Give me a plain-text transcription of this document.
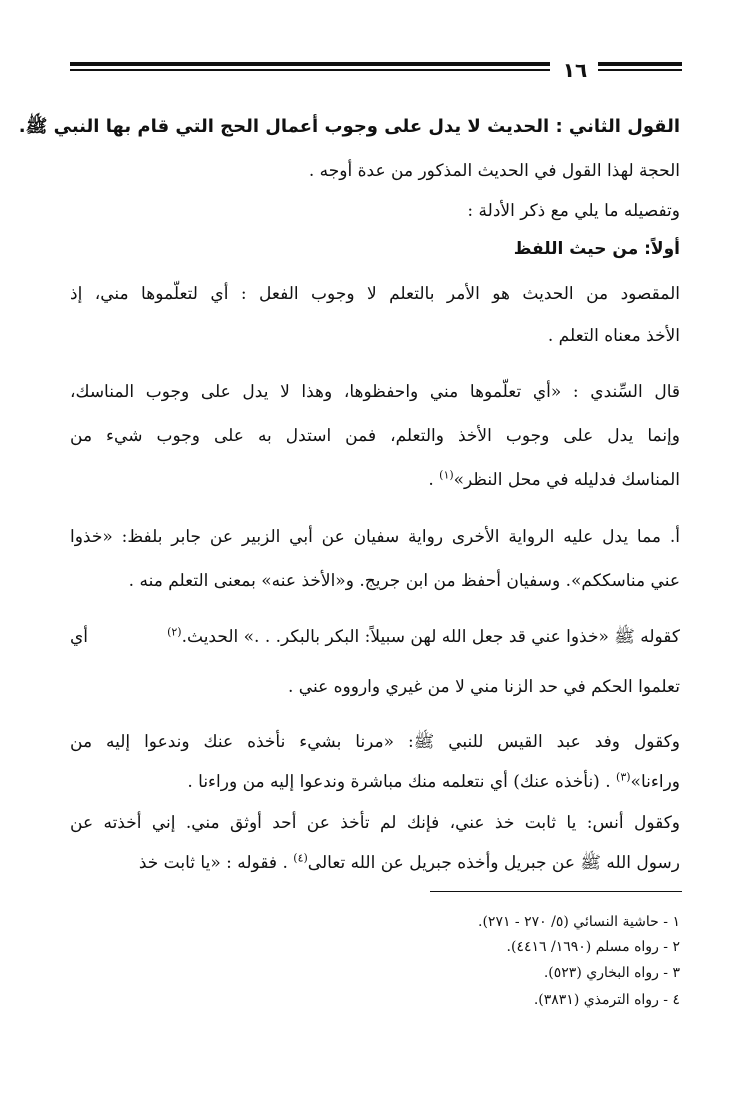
١٦
القول الثاني : الحديث لا يدل على وجوب أعمال الحج التي قام بها النبي ﷺ.
الحجة لهذا القول في الحديث المذكور من عدة أوجه .
وتفصيله ما يلي مع ذكر الأدلة :
أولاً: من حيث اللفظ
المقصود من الحديث هو الأمر بالتعلم لا وجوب الفعل : أي لتعلّموها مني، إذ
الأخذ معناه التعلم .
قال السِّندي : «أي تعلّموها مني واحفظوها، وهذا لا يدل على وجوب المناسك،
وإنما يدل على وجوب الأخذ والتعلم، فمن استدل به على وجوب شيء من
المناسك فدليله في محل النظر»$^{(١)}$ .
أ. مما يدل عليه الرواية الأخرى رواية سفيان عن أبي الزبير عن جابر بلفظ: «خذوا
عني مناسككم». وسفيان أحفظ من ابن جريج. و«الأخذ عنه» بمعنى التعلم منه .
كقوله ﷺ «خذوا عني قد جعل الله لهن سبيلاً: البكر بالبكر. . .» الحديث.$^{(٢)}$
أي
تعلموا الحكم في حد الزنا مني لا من غيري وارووه عني .
وكقول وفد عبد القيس للنبي ﷺ: «مرنا بشيء نأخذه عنك وندعوا إليه من
وراءنا»$^{(٣)}$ . (نأخذه عنك) أي نتعلمه منك مباشرة وندعوا إليه من وراءنا .
وكقول أنس: يا ثابت خذ عني، فإنك لم تأخذ عن أحد أوثق مني. إني أخذته عن
رسول الله ﷺ عن جبريل وأخذه جبريل عن الله تعالى$^{(٤)}$ . فقوله : «يا ثابت خذ
١ - حاشية النسائي (٥/ ٢٧٠ - ٢٧١).
٢ - رواه مسلم (١٦٩٠/ ٤٤١٦).
٣ - رواه البخاري (٥٢٣).
٤ - رواه الترمذي (٣٨٣١).
